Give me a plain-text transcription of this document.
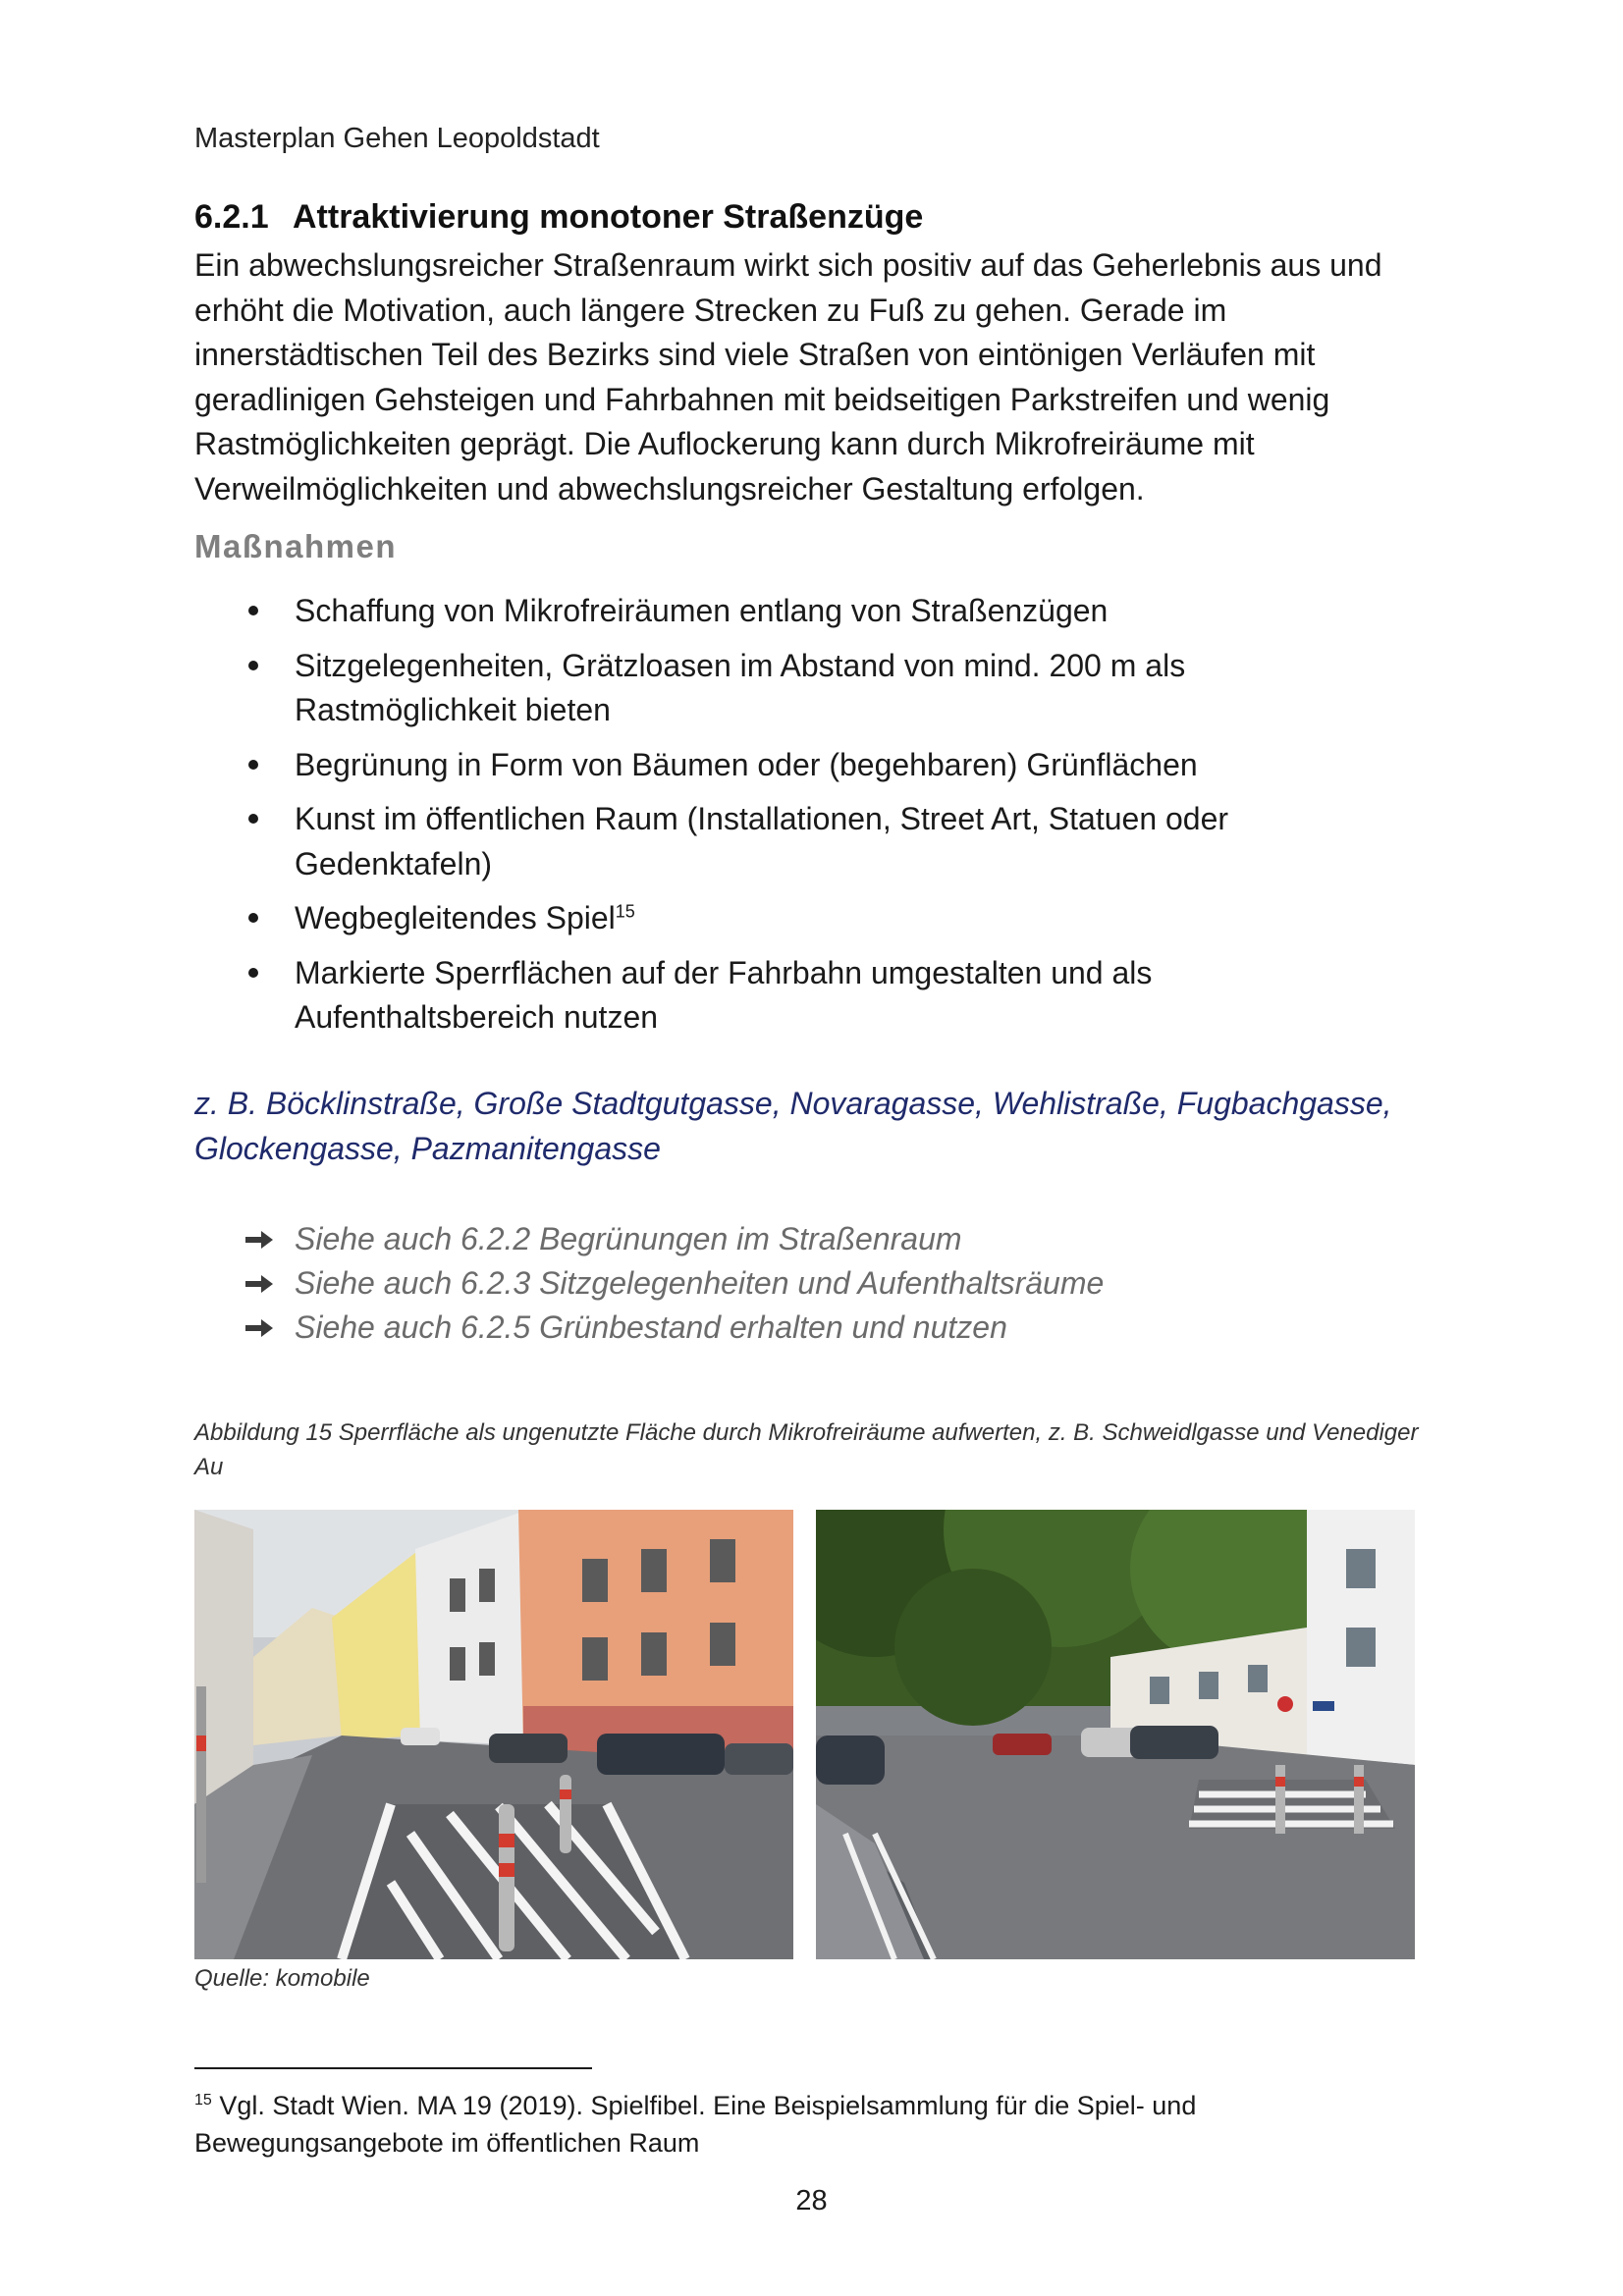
Masterplan Gehen Leopoldstadt
6.2.1 Attraktivierung monotoner Straßenzüge

Ein abwechslungsreicher Straßenraum wirkt sich positiv auf das Geherlebnis aus und erhöht die Motivation, auch längere Strecken zu Fuß zu gehen. Gerade im innerstädtischen Teil des Bezirks sind viele Straßen von eintönigen Verläufen mit geradlinigen Gehsteigen und Fahrbahnen mit beidseitigen Parkstreifen und wenig Rastmöglichkeiten geprägt. Die Auflockerung kann durch Mikrofreiräume mit Verweilmöglichkeiten und abwechslungsreicher Gestaltung erfolgen.

Maßnahmen
Schaffung von Mikrofreiräumen entlang von Straßenzügen
Sitzgelegenheiten, Grätzloasen im Abstand von mind. 200 m als Rastmöglichkeit bieten
Begrünung in Form von Bäumen oder (begehbaren) Grünflächen
Kunst im öffentlichen Raum (Installationen, Street Art, Statuen oder Gedenktafeln)
Wegbegleitendes Spiel$^{15}$
Markierte Sperrflächen auf der Fahrbahn umgestalten und als Aufenthaltsbereich nutzen

z. B. Böcklinstraße, Große Stadtgutgasse, Novaragasse, Wehlistraße, Fugbachgasse, Glockengasse, Pazmanitengasse

Siehe auch 6.2.2 Begrünungen im Straßenraum
Siehe auch 6.2.3 Sitzgelegenheiten und Aufenthaltsräume
Siehe auch 6.2.5 Grünbestand erhalten und nutzen

Abbildung 15 Sperrfläche als ungenutzte Fläche durch Mikrofreiräume aufwerten, z. B. Schweidlgasse und Venediger Au

Quelle: komobile

$^{15}$ Vgl. Stadt Wien. MA 19 (2019). Spielfibel. Eine Beispielsammlung für die Spiel- und Bewegungsangebote im öffentlichen Raum

28
